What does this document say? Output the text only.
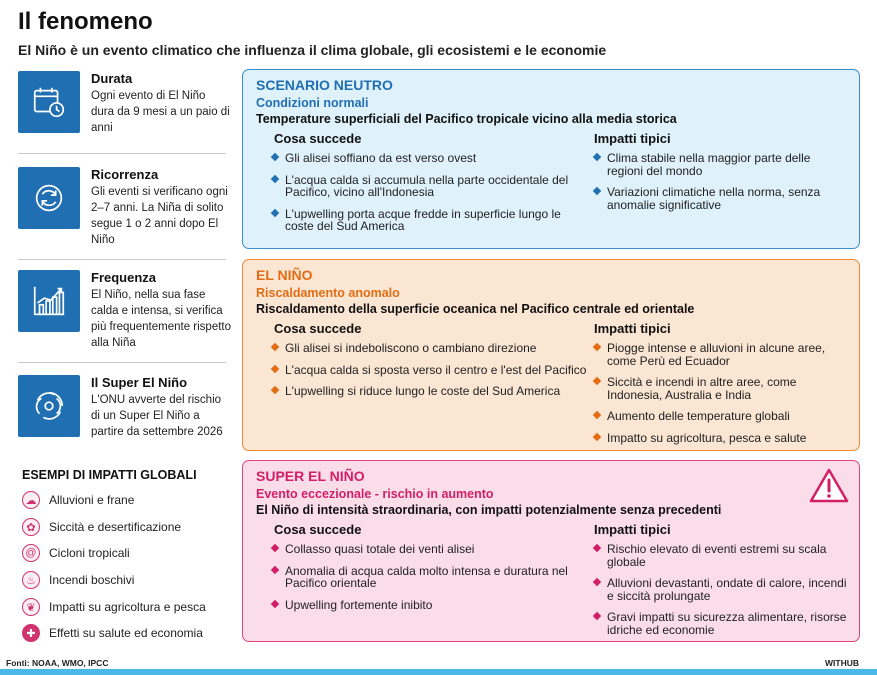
Il fenomeno
El Niño è un evento climatico che influenza il clima globale, gli ecosistemi e le economie
Durata
Ogni evento di El Niño dura da 9 mesi a un paio di anni
Ricorrenza
Gli eventi si verificano ogni 2–7 anni. La Niña di solito segue 1 o 2 anni dopo El Niño
Frequenza
El Niño, nella sua fase calda e intensa, si verifica più frequentemente rispetto alla Niña
Il Super El Niño
L'ONU avverte del rischio di un Super El Niño a partire da settembre 2026
ESEMPI DI IMPATTI GLOBALI
☁ Alluvioni e frane
✿	Siccità e desertificazione
@ Cicloni tropicali
♨	Incendi boschivi
❦	Impatti su agricoltura e pesca
✚	Effetti su salute ed economia
SCENARIO NEUTRO
Condizioni normali
Temperature superficiali del Pacifico tropicale vicino alla media storica
Cosa succede	Impatti tipici
Gli alisei soffiano da est verso ovest
L'acqua calda si accumula nella parte occidentale del Pacifico, vicino all'Indonesia
L'upwelling porta acque fredde in superficie lungo le coste del Sud America
Clima stabile nella maggior parte delle regioni del mondo
Variazioni climatiche nella norma, senza anomalie significative
EL NIÑO
Riscaldamento anomalo
Riscaldamento della superficie oceanica nel Pacifico centrale ed orientale
Cosa succede	Impatti tipici
Gli alisei si indeboliscono o cambiano direzione
L'acqua calda si sposta verso il centro e l'est del Pacifico
L'upwelling si riduce lungo le coste del Sud America
Piogge intense e alluvioni in alcune aree, come Perù ed Ecuador
Siccità e incendi in altre aree, come Indonesia, Australia e India
Aumento delle temperature globali
Impatto su agricoltura, pesca e salute
SUPER EL NIÑO
Evento eccezionale - rischio in aumento
El Niño di intensità straordinaria, con impatti potenzialmente senza precedenti
Cosa succede	Impatti tipici
Collasso quasi totale dei venti alisei
Anomalia di acqua calda molto intensa e duratura nel Pacifico orientale
Upwelling fortemente inibito
Rischio elevato di eventi estremi su scala globale
Alluvioni devastanti, ondate di calore, incendi e siccità prolungate
Gravi impatti su sicurezza alimentare, risorse idriche ed economie
Fonti: NOAA, WMO, IPCC	WITHUB
